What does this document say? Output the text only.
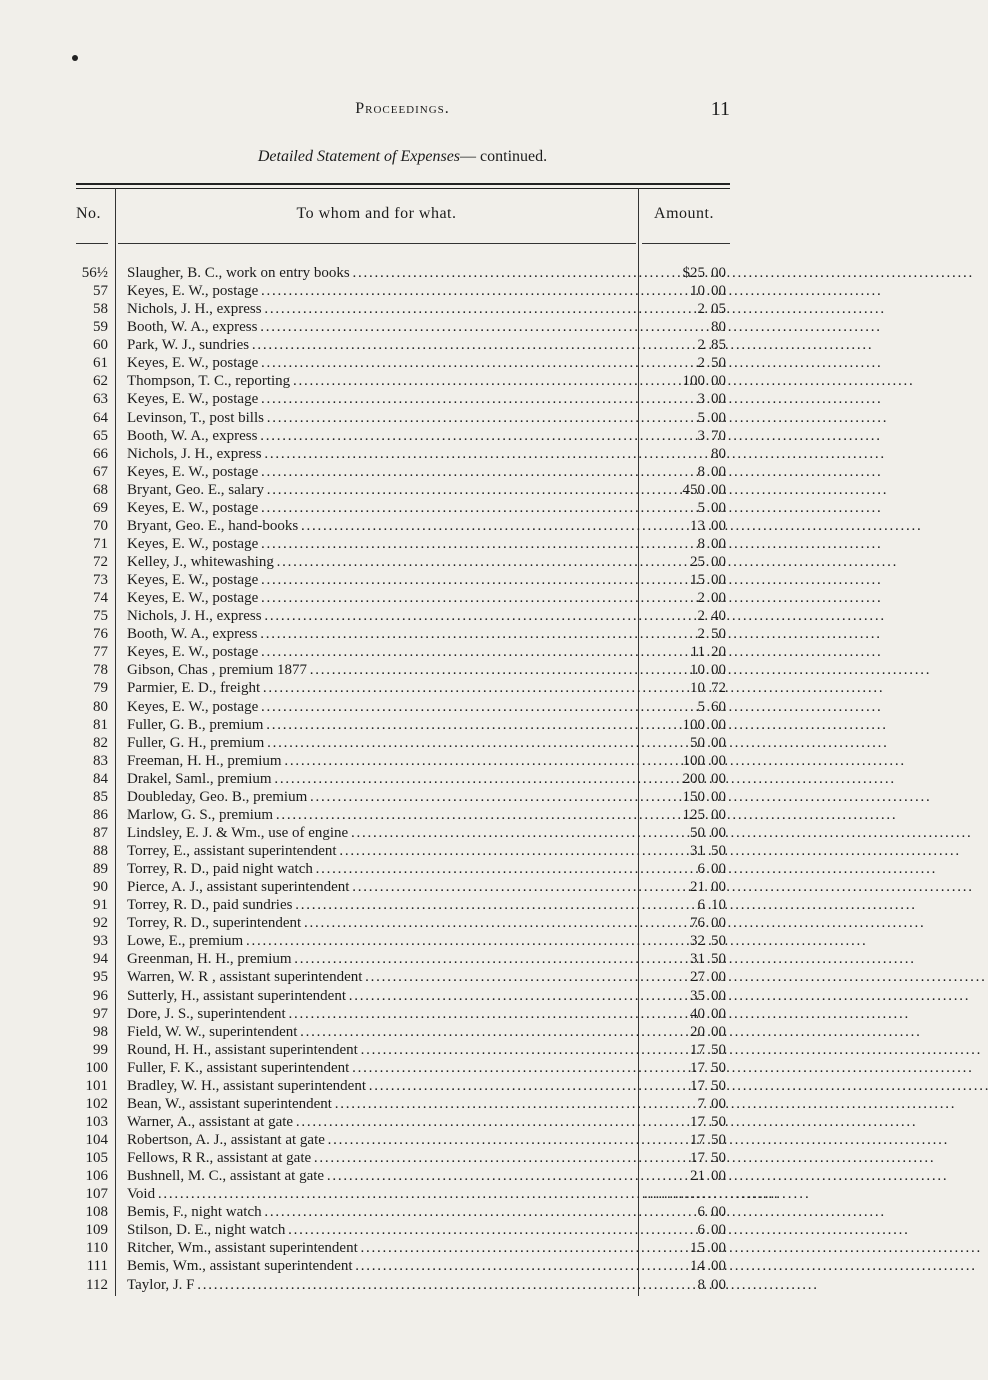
Proceedings.	11
Detailed Statement of Expenses— continued.
No.	To whom and for what.	Amount.
56½ Slaugher, B. C., work on entry books . . .	$25 00
57 Keyes, E. W., postage . . .	10 00
58 Nichols, J. H., express . . .	2 05
59 Booth, W. A., express . . .	80
60 Park, W. J., sundries . . .	2 85
61 Keyes, E. W., postage . . .	2 50
62 Thompson, T. C., reporting . . .	100 00
63 Keyes, E. W., postage . . .	3 00
64 Levinson, T., post bills . . .	5 00
65 Booth, W. A., express . . .	3 70
66 Nichols, J. H., express . . .	80
67 Keyes, E. W., postage . . .	8 00
68 Bryant, Geo. E., salary . . .	450 00
69 Keyes, E. W., postage . . .	5 00
70 Bryant, Geo. E., hand-books . . .	13 00
71 Keyes, E. W., postage . . .	8 00
72 Kelley, J., whitewashing . . .	25 00
73 Keyes, E. W., postage . . .	15 00
74 Keyes, E. W., postage . . .	2 00
75 Nichols, J. H., express . . .	2 40
76 Booth, W. A., express . . .	2 50
77 Keyes, E. W., postage . . .	11 20
78 Gibson, Chas , premium 1877 . . .	10 00
79 Parmier, E. D., freight . . .	10 72
80 Keyes, E. W., postage . . .	5 60
81 Fuller, G. B., premium . . .	100 00
82 Fuller, G. H., premium . . .	50 00
83 Freeman, H. H., premium . . .	100 00
84 Drakel, Saml., premium . . .	200 00
85 Doubleday, Geo. B., premium . . .	150 00
86 Marlow, G. S., premium . . .	125 00
87 Lindsley, E. J. & Wm., use of engine . . .	50 00
88 Torrey, E., assistant superintendent . . .	31 50
89 Torrey, R. D., paid night watch . . .	6 00
90 Pierce, A. J., assistant superintendent . . .	21 00
91 Torrey, R. D., paid sundries . . .	6 10
92 Torrey, R. D., superintendent . . .	76 00
93 Lowe, E., premium . . .	32 50
94 Greenman, H. H., premium . . .	31 50
95 Warren, W. R , assistant superintendent . . .	27 00
96 Sutterly, H., assistant superintendent . . .	35 00
97 Dore, J. S., superintendent . . .	40 00
98 Field, W. W., superintendent . . .	20 00
99 Round, H. H., assistant superintendent . . .	17 50
100 Fuller, F. K., assistant superintendent . . .	17 50
101 Bradley, W. H., assistant superintendent . . .	17 50
102 Bean, W., assistant superintendent . . .	7 00
103 Warner, A., assistant at gate . . .	17 50
104 Robertson, A. J., assistant at gate . . .	17 50
105 Fellows, R R., assistant at gate . . .	17 50
106 Bushnell, M. C., assistant at gate . . .	21 00
107 Void . . .	.............................
108 Bemis, F., night watch . . .	6 00
109 Stilson, D. E., night watch . . .	6 00
110 Ritcher, Wm., assistant superintendent . . .	15 00
111 Bemis, Wm., assistant superintendent . . .	14 00
112 Taylor, J. F . . .	8 00
